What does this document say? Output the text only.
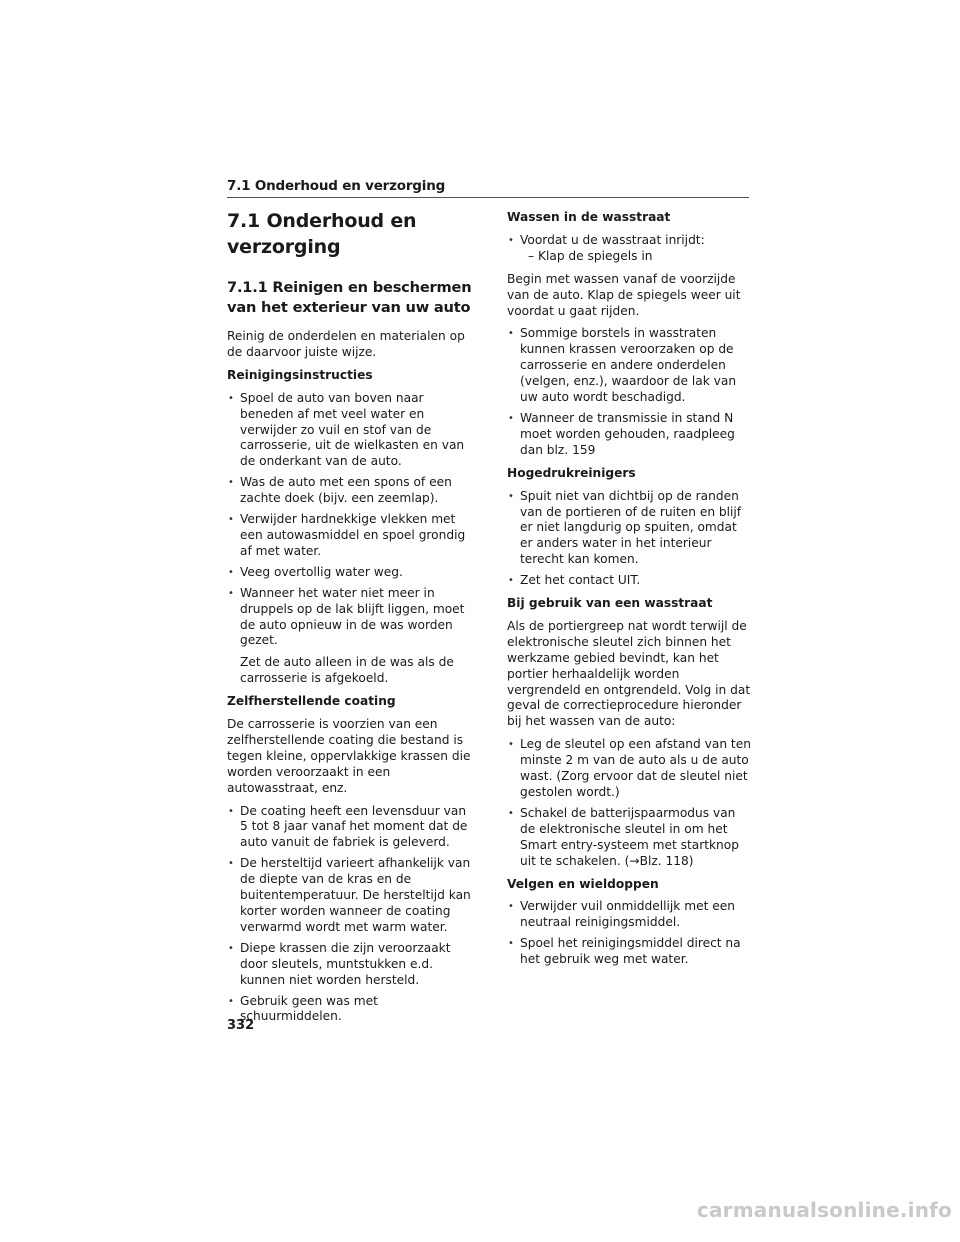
7.1 Onderhoud en verzorging
7.1 Onderhoud en
verzorging
7.1.1 Reinigen en beschermen
van het exterieur van uw auto

Reinig de onderdelen en materialen op de daarvoor juiste wijze.

Reinigingsinstructies
• Spoel de auto van boven naar beneden af met veel water en verwijder zo vuil en stof van de carrosserie, uit de wielkasten en van de onderkant van de auto.
• Was de auto met een spons of een zachte doek (bijv. een zeemlap).
• Verwijder hardnekkige vlekken met een autowasmiddel en spoel grondig af met water.
• Veeg overtollig water weg.
• Wanneer het water niet meer in druppels op de lak blijft liggen, moet de auto opnieuw in de was worden gezet.
Zet de auto alleen in de was als de carrosserie is afgekoeld.
Zelfherstellende coating

De carrosserie is voorzien van een zelfherstellende coating die bestand is tegen kleine, oppervlakkige krassen die worden veroorzaakt in een autowasstraat, enz.

• De coating heeft een levensduur van 5 tot 8 jaar vanaf het moment dat de auto vanuit de fabriek is geleverd.
• De hersteltijd varieert afhankelijk van de diepte van de kras en de buitentemperatuur. De hersteltijd kan korter worden wanneer de coating verwarmd wordt met warm water.
• Diepe krassen die zijn veroorzaakt door sleutels, muntstukken e.d. kunnen niet worden hersteld.
• Gebruik geen was met schuurmiddelen.
Wassen in de wasstraat
• Voordat u de wasstraat inrijdt:
– Klap de spiegels in

Begin met wassen vanaf de voorzijde van de auto. Klap de spiegels weer uit voordat u gaat rijden.

• Sommige borstels in wasstraten kunnen krassen veroorzaken op de carrosserie en andere onderdelen (velgen, enz.), waardoor de lak van uw auto wordt beschadigd.
• Wanneer de transmissie in stand N moet worden gehouden, raadpleeg dan blz. 159
Hogedrukreinigers
• Spuit niet van dichtbij op de randen van de portieren of de ruiten en blijf er niet langdurig op spuiten, omdat er anders water in het interieur terecht kan komen.
• Zet het contact UIT.
Bij gebruik van een wasstraat

Als de portiergreep nat wordt terwijl de elektronische sleutel zich binnen het werkzame gebied bevindt, kan het portier herhaaldelijk worden vergrendeld en ontgrendeld. Volg in dat geval de correctieprocedure hieronder bij het wassen van de auto:

• Leg de sleutel op een afstand van ten minste 2 m van de auto als u de auto wast. (Zorg ervoor dat de sleutel niet gestolen wordt.)
• Schakel de batterijspaarmodus van de elektronische sleutel in om het Smart entry-systeem met startknop uit te schakelen. (→Blz. 118)
Velgen en wieldoppen
• Verwijder vuil onmiddellijk met een neutraal reinigingsmiddel.
• Spoel het reinigingsmiddel direct na het gebruik weg met water.
332
carmanualsonline.info
